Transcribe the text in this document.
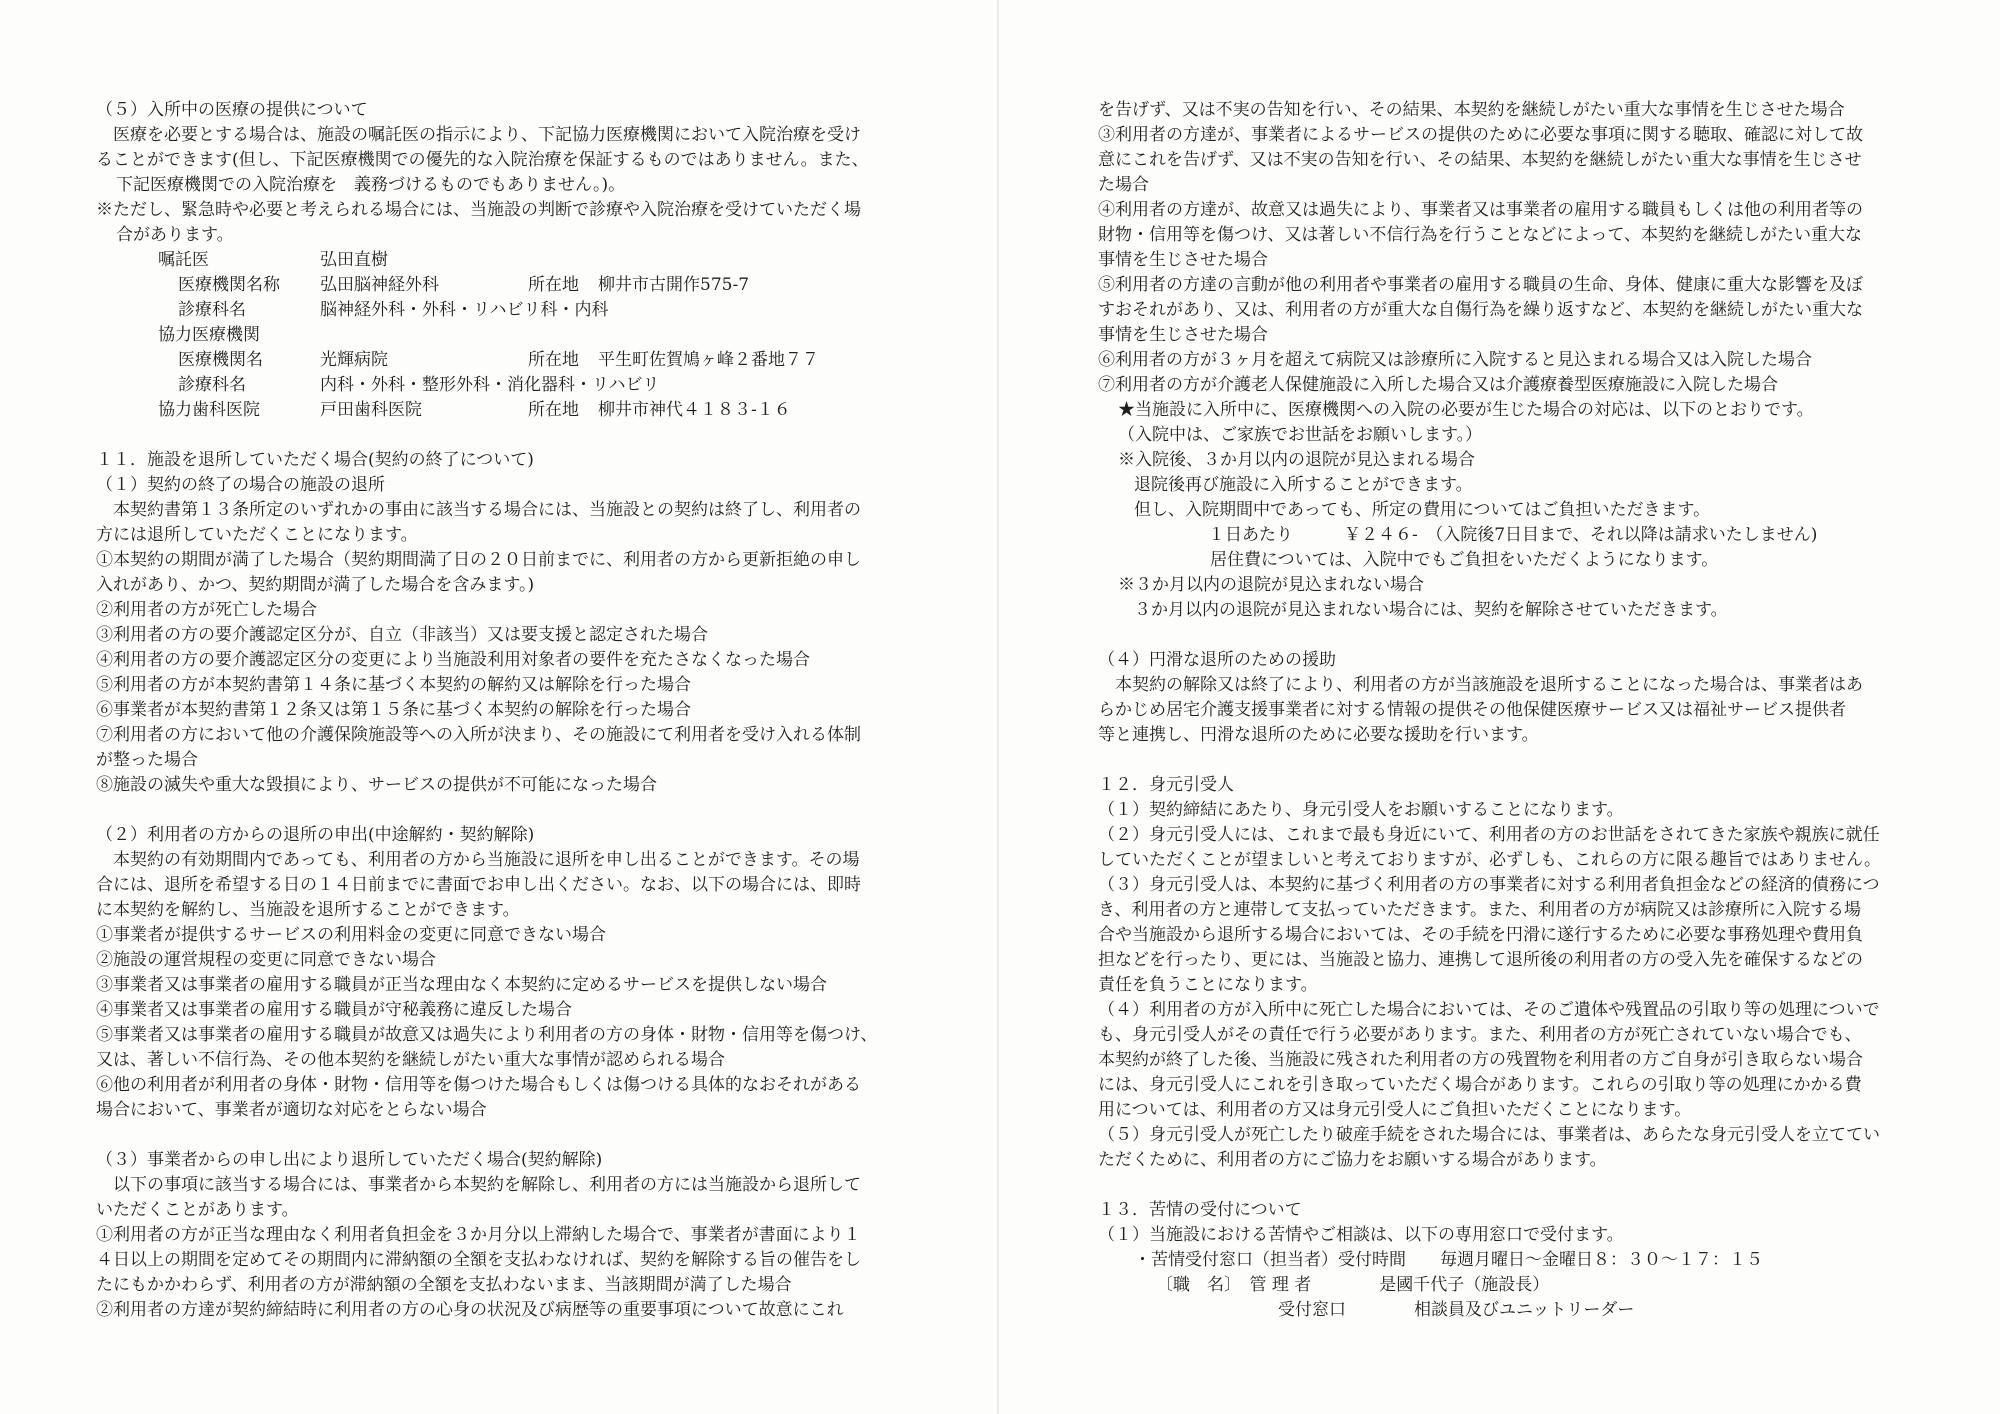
（５）入所中の医療の提供について
　医療を必要とする場合は、施設の嘱託医の指示により、下記協力医療機関において入院治療を受け
ることができます(但し、下記医療機関での優先的な入院治療を保証するものではありません。また、
下記医療機関での入院治療を　義務づけるものでもありません。)。
※ただし、緊急時や必要と考えられる場合には、当施設の判断で診療や入院治療を受けていただく場
合があります。
嘱託医	弘田直樹
医療機関名称	弘田脳神経外科	所在地	柳井市古開作575-7
診療科名	脳神経外科・外科・リハビリ科・内科
協力医療機関
医療機関名	光輝病院	所在地	平生町佐賀鳩ヶ峰２番地７７
診療科名	内科・外科・整形外科・消化器科・リハビリ
協力歯科医院	戸田歯科医院	所在地	柳井市神代４１８３-１６
１１．施設を退所していただく場合(契約の終了について)
（１）契約の終了の場合の施設の退所
　本契約書第１３条所定のいずれかの事由に該当する場合には、当施設との契約は終了し、利用者の
方には退所していただくことになります。
①本契約の期間が満了した場合（契約期間満了日の２０日前までに、利用者の方から更新拒絶の申し
入れがあり、かつ、契約期間が満了した場合を含みます。)
②利用者の方が死亡した場合
③利用者の方の要介護認定区分が、自立（非該当）又は要支援と認定された場合
④利用者の方の要介護認定区分の変更により当施設利用対象者の要件を充たさなくなった場合
⑤利用者の方が本契約書第１４条に基づく本契約の解約又は解除を行った場合
⑥事業者が本契約書第１２条又は第１５条に基づく本契約の解除を行った場合
⑦利用者の方において他の介護保険施設等への入所が決まり、その施設にて利用者を受け入れる体制
が整った場合
⑧施設の滅失や重大な毀損により、サービスの提供が不可能になった場合
（２）利用者の方からの退所の申出(中途解約・契約解除)
　本契約の有効期間内であっても、利用者の方から当施設に退所を申し出ることができます。その場
合には、退所を希望する日の１４日前までに書面でお申し出ください。なお、以下の場合には、即時
に本契約を解約し、当施設を退所することができます。
①事業者が提供するサービスの利用料金の変更に同意できない場合
②施設の運営規程の変更に同意できない場合
③事業者又は事業者の雇用する職員が正当な理由なく本契約に定めるサービスを提供しない場合
④事業者又は事業者の雇用する職員が守秘義務に違反した場合
⑤事業者又は事業者の雇用する職員が故意又は過失により利用者の方の身体・財物・信用等を傷つけ、
又は、著しい不信行為、その他本契約を継続しがたい重大な事情が認められる場合
⑥他の利用者が利用者の身体・財物・信用等を傷つけた場合もしくは傷つける具体的なおそれがある
場合において、事業者が適切な対応をとらない場合
（３）事業者からの申し出により退所していただく場合(契約解除)
　以下の事項に該当する場合には、事業者から本契約を解除し、利用者の方には当施設から退所して
いただくことがあります。
①利用者の方が正当な理由なく利用者負担金を３か月分以上滞納した場合で、事業者が書面により１
４日以上の期間を定めてその期間内に滞納額の全額を支払わなければ、契約を解除する旨の催告をし
たにもかかわらず、利用者の方が滞納額の全額を支払わないまま、当該期間が満了した場合
②利用者の方達が契約締結時に利用者の方の心身の状況及び病歴等の重要事項について故意にこれ
を告げず、又は不実の告知を行い、その結果、本契約を継続しがたい重大な事情を生じさせた場合
③利用者の方達が、事業者によるサービスの提供のために必要な事項に関する聴取、確認に対して故
意にこれを告げず、又は不実の告知を行い、その結果、本契約を継続しがたい重大な事情を生じさせ
た場合
④利用者の方達が、故意又は過失により、事業者又は事業者の雇用する職員もしくは他の利用者等の
財物・信用等を傷つけ、又は著しい不信行為を行うことなどによって、本契約を継続しがたい重大な
事情を生じさせた場合
⑤利用者の方達の言動が他の利用者や事業者の雇用する職員の生命、身体、健康に重大な影響を及ぼ
すおそれがあり、又は、利用者の方が重大な自傷行為を繰り返すなど、本契約を継続しがたい重大な
事情を生じさせた場合
⑥利用者の方が３ヶ月を超えて病院又は診療所に入院すると見込まれる場合又は入院した場合
⑦利用者の方が介護老人保健施設に入所した場合又は介護療養型医療施設に入院した場合
★当施設に入所中に、医療機関への入院の必要が生じた場合の対応は、以下のとおりです。
（入院中は、ご家族でお世話をお願いします。）
※入院後、３か月以内の退院が見込まれる場合
退院後再び施設に入所することができます。
但し、入院期間中であっても、所定の費用についてはご負担いただきます。
１日あたり　　　￥２４６-　（入院後7日目まで、それ以降は請求いたしません)
居住費については、入院中でもご負担をいただくようになります。
※３か月以内の退院が見込まれない場合
３か月以内の退院が見込まれない場合には、契約を解除させていただきます。
（４）円滑な退所のための援助
　本契約の解除又は終了により、利用者の方が当該施設を退所することになった場合は、事業者はあ
らかじめ居宅介護支援事業者に対する情報の提供その他保健医療サービス又は福祉サービス提供者
等と連携し、円滑な退所のために必要な援助を行います。
１２．身元引受人
（１）契約締結にあたり、身元引受人をお願いすることになります。
（２）身元引受人には、これまで最も身近にいて、利用者の方のお世話をされてきた家族や親族に就任
していただくことが望ましいと考えておりますが、必ずしも、これらの方に限る趣旨ではありません。
（３）身元引受人は、本契約に基づく利用者の方の事業者に対する利用者負担金などの経済的債務につ
き、利用者の方と連帯して支払っていただきます。また、利用者の方が病院又は診療所に入院する場
合や当施設から退所する場合においては、その手続を円滑に遂行するために必要な事務処理や費用負
担などを行ったり、更には、当施設と協力、連携して退所後の利用者の方の受入先を確保するなどの
責任を負うことになります。
（４）利用者の方が入所中に死亡した場合においては、そのご遺体や残置品の引取り等の処理についで
も、身元引受人がその責任で行う必要があります。また、利用者の方が死亡されていない場合でも、
本契約が終了した後、当施設に残された利用者の方の残置物を利用者の方ご自身が引き取らない場合
には、身元引受人にこれを引き取っていただく場合があります。これらの引取り等の処理にかかる費
用については、利用者の方又は身元引受人にご負担いただくことになります。
（５）身元引受人が死亡したり破産手続をされた場合には、事業者は、あらたな身元引受人を立ててい
ただくために、利用者の方にご協力をお願いする場合があります。
１３．苦情の受付について
（１）当施設における苦情やご相談は、以下の専用窓口で受付ます。
・苦情受付窓口（担当者）受付時間　　毎週月曜日～金曜日８：３０～１７：１５
〔職　名〕　管 理 者　　　　是國千代子（施設長）
受付窓口　　　　相談員及びユニットリーダー
